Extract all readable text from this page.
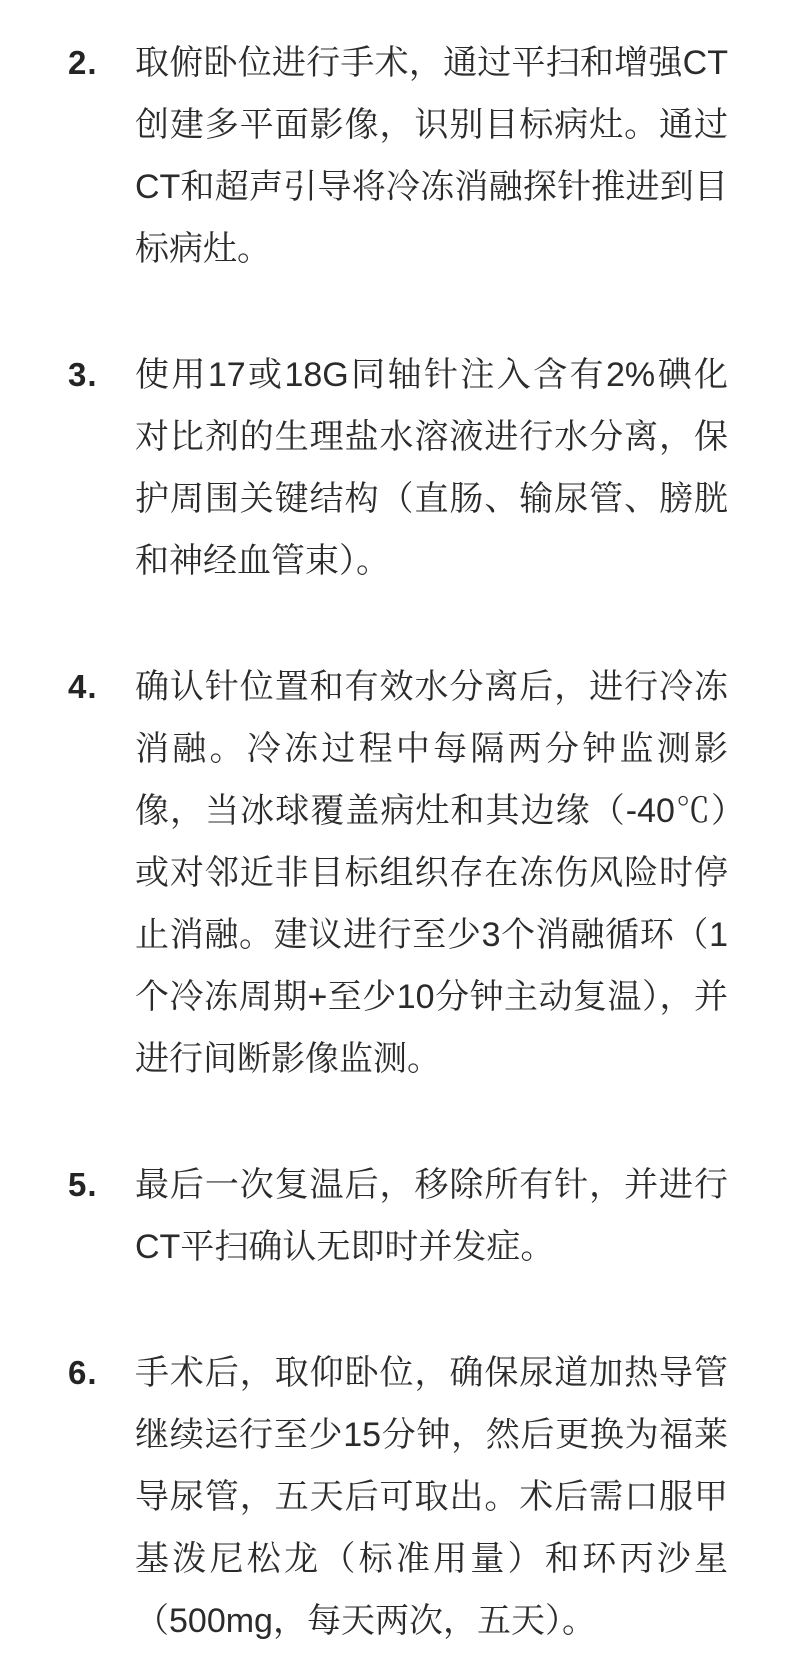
2.	取俯卧位进行手术，通过平扫和增强CT创建多平面影像，识别目标病灶。通过CT和超声引导将冷冻消融探针推进到目标病灶。

3.	使用17或18G同轴针注入含有2%碘化对比剂的生理盐水溶液进行水分离，保护周围关键结构（直肠、输尿管、膀胱和神经血管束）。

4.	确认针位置和有效水分离后，进行冷冻消融。冷冻过程中每隔两分钟监测影像，当冰球覆盖病灶和其边缘（-40℃）或对邻近非目标组织存在冻伤风险时停止消融。建议进行至少3个消融循环（1个冷冻周期+至少10分钟主动复温），并进行间断影像监测。

5.	最后一次复温后，移除所有针，并进行CT平扫确认无即时并发症。

6.	手术后，取仰卧位，确保尿道加热导管继续运行至少15分钟，然后更换为福莱导尿管，五天后可取出。术后需口服甲基泼尼松龙（标准用量）和环丙沙星（500mg，每天两次，五天）。
